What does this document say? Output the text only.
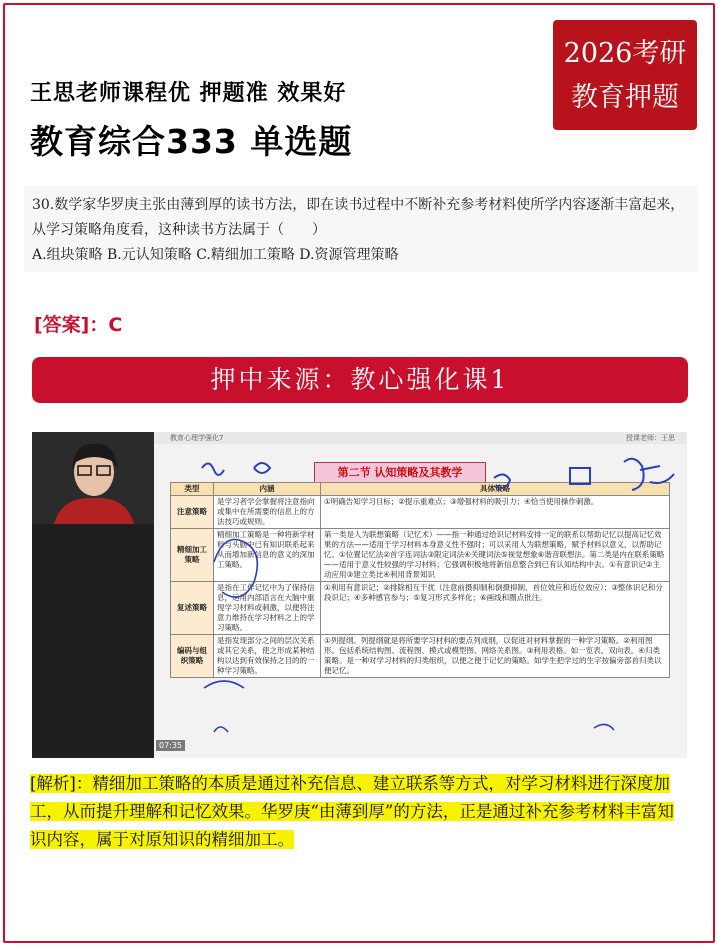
2026考研
教育押题
王思老师课程优 押题准 效果好
教育综合333 单选题
30.数学家华罗庚主张由薄到厚的读书方法，即在读书过程中不断补充参考材料使所学内容逐渐丰富起来，从学习策略角度看，这种读书方法属于（　　）
A.组块策略 B.元认知策略 C.精细加工策略 D.资源管理策略
[答案]：C
押中来源：教心强化课1
教育心理学强化7	授课老师：王思
第二节 认知策略及其教学
类型	内涵	具体策略
注意策略	是学习者学会掌握将注意指向或集中在所需要的信息上的方法技巧或规则。	①明确告知学习目标；②提示重难点；③增强材料的吸引力；④恰当使用操作刺激。
精细加工策略	精细加工策略是一种将新学材料与头脑中已有知识联系起来从而增加新信息的意义的深加工策略。	第一类是人为联想策略（记忆术）——指一种通过给识记材料安排一定的联系以帮助记忆以提高记忆效果的方法——适用于学习材料本身意义性不强时；可以采用人为联想策略，赋予材料以意义，以帮助记忆。①位置记忆法②首字连词法③限定词法④关键词法⑤视觉想象⑥谐音联想法。第二类是内在联系策略——适用于意义性较强的学习材料；它强调积极地将新信息整合到已有认知结构中去。①有意识记②主动应用③建立类比④利用背景知识
复述策略	是指在工作记忆中为了保持信息，运用内部语言在大脑中重现学习材料或刺激，以便将注意力维持在学习材料之上的学习策略。	①利用有意识记；②排除相互干扰（注意前摄抑制和倒摄抑制、首位效应和近位效应）；③整体识记和分段识记；④多种感官参与；⑤复习形式多样化；⑥画线和圈点批注。
编码与组织策略	是指发现部分之间的层次关系或其它关系，使之形成某种结构以达到有效保持之目的的一种学习策略。	①列提纲。列提纲就是将所要学习材料的要点列成纲，以促进对材料掌握的一种学习策略。②利用图形。包括系统结构图、流程图、模式或模型图、网络关系图。③利用表格。如一览表、双向表。④归类策略。是一种对学习材料的归类组织，以便之便于记忆的策略。如学生把学过的生字按偏旁部首归类以便记忆。
07:35
[解析]：精细加工策略的本质是通过补充信息、建立联系等方式，对学习材料进行深度加工，从而提升理解和记忆效果。华罗庚“由薄到厚”的方法，正是通过补充参考材料丰富知识内容，属于对原知识的精细加工。
